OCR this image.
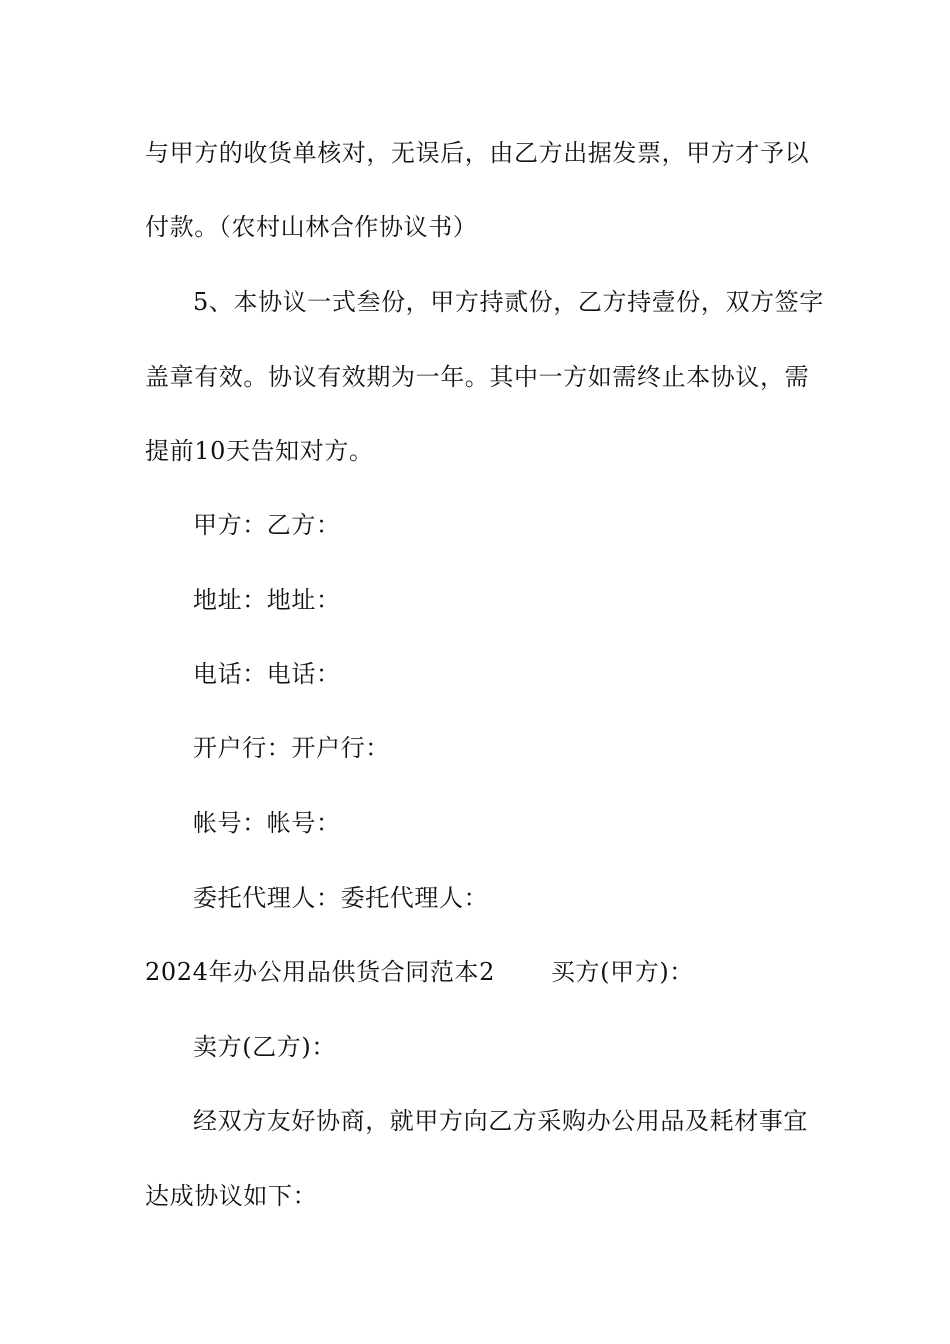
与甲方的收货单核对，无误后，由乙方出据发票，甲方才予以
付款。（农村山林合作协议书）
5、本协议一式叁份，甲方持贰份，乙方持壹份，双方签字
盖章有效。协议有效期为一年。其中一方如需终止本协议，需
提前10天告知对方。
甲方：乙方：
地址：地址：
电话：电话：
开户行：开户行：
帐号：帐号：
委托代理人：委托代理人：
2024年办公用品供货合同范本2 买方(甲方)：
卖方(乙方)：
经双方友好协商，就甲方向乙方采购办公用品及耗材事宜
达成协议如下：
